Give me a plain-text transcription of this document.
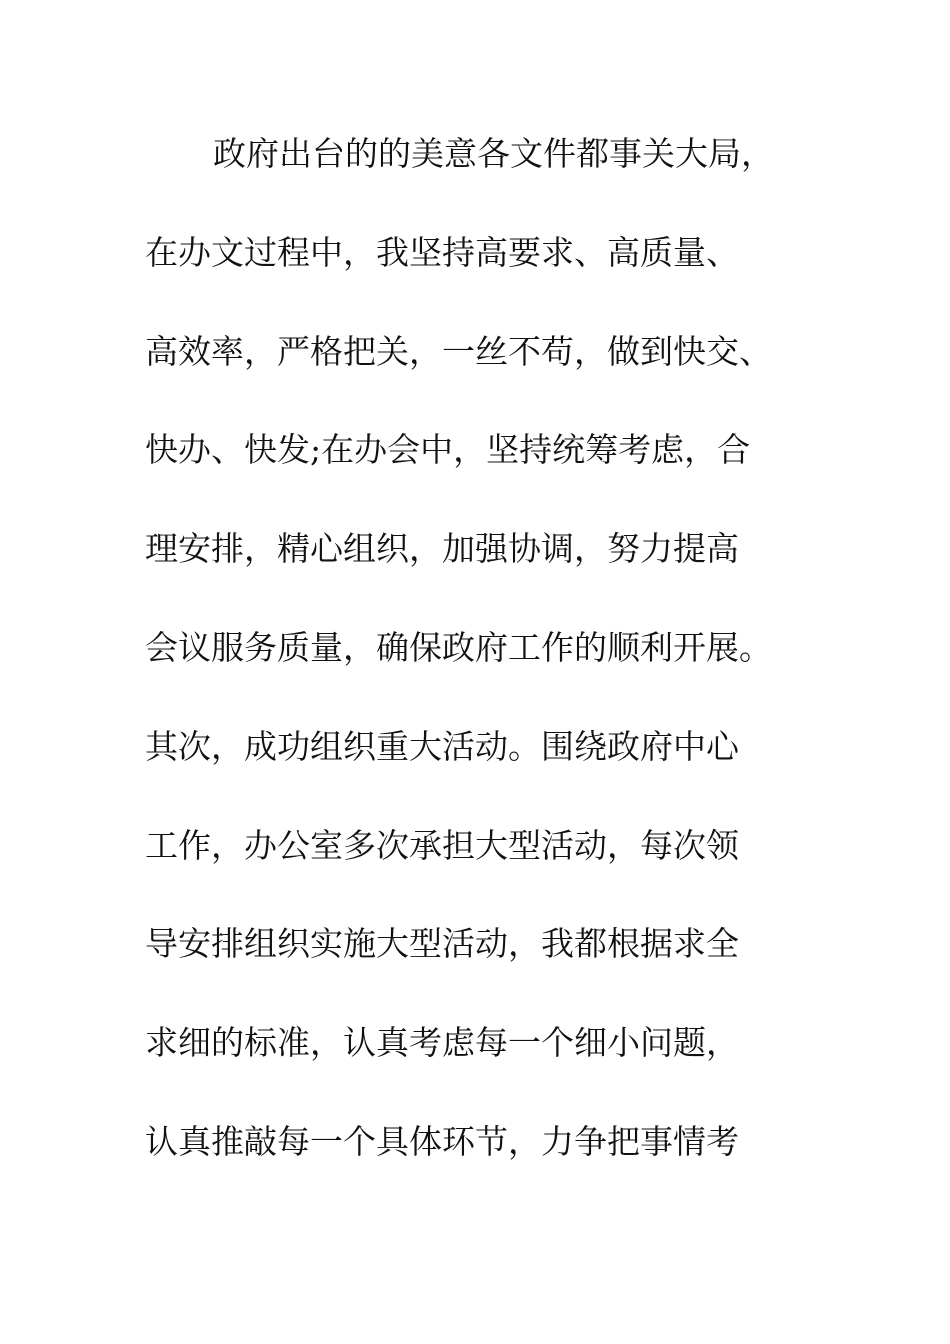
政府出台的的美意各文件都事关大局，
在办文过程中，我坚持高要求、高质量、
高效率，严格把关，一丝不苟，做到快交、
快办、快发;在办会中，坚持统筹考虑，合
理安排，精心组织，加强协调，努力提高
会议服务质量，确保政府工作的顺利开展。
其次，成功组织重大活动。围绕政府中心
工作，办公室多次承担大型活动，每次领
导安排组织实施大型活动，我都根据求全
求细的标准，认真考虑每一个细小问题，
认真推敲每一个具体环节，力争把事情考
